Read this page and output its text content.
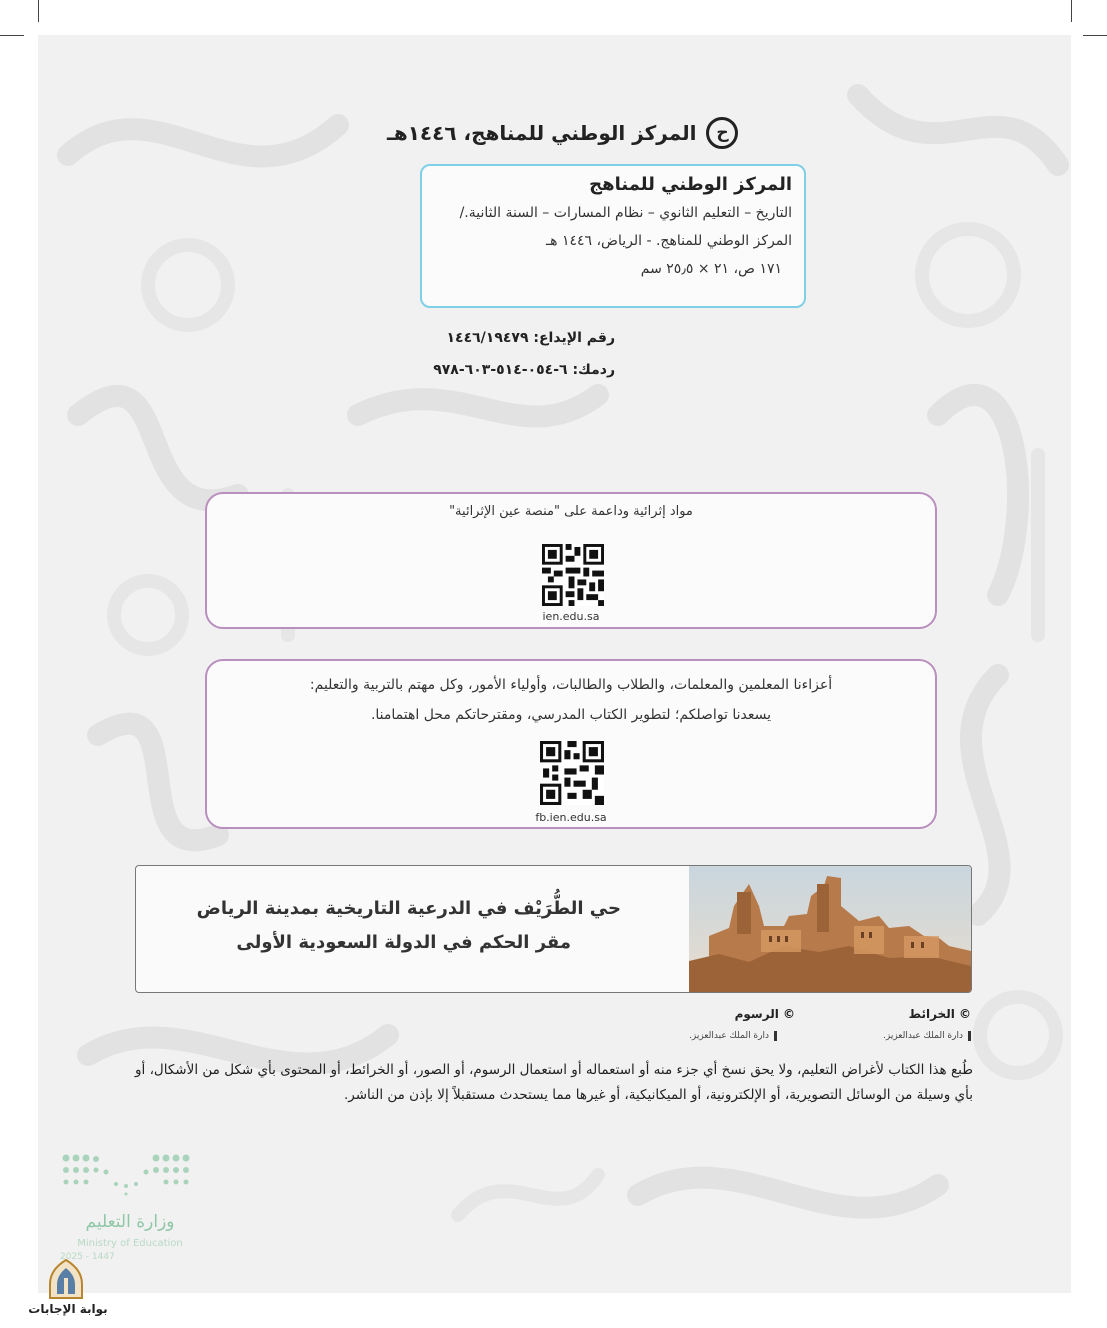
ح
المركز الوطني للمناهج، ١٤٤٦هـ
المركز الوطني للمناهج
التاريخ – التعليم الثانوي – نظام المسارات – السنة الثانية./
المركز الوطني للمناهج. - الرياض، ١٤٤٦ هـ
١٧١ ص، ٢١ × ٢٥٫٥ سم
رقم الإيداع: ١٤٤٦/١٩٤٧٩
ردمك: ٦-٠٥٤-٥١٤-٦٠٣-٩٧٨
مواد إثرائية وداعمة على "منصة عين الإثرائية"
ien.edu.sa
أعزاءنا المعلمين والمعلمات، والطلاب والطالبات، وأولياء الأمور، وكل مهتم بالتربية والتعليم:
يسعدنا تواصلكم؛ لتطوير الكتاب المدرسي، ومقترحاتكم محل اهتمامنا.
fb.ien.edu.sa
حي الطُّرَيْف في الدرعية التاريخية بمدينة الرياض
مقر الحكم في الدولة السعودية الأولى
© الخرائط
دارة الملك عبدالعزيز.
© الرسوم
دارة الملك عبدالعزيز.
طُبع هذا الكتاب لأغراض التعليم، ولا يحق نسخ أي جزء منه أو استعماله أو استعمال الرسوم، أو الصور، أو الخرائط، أو المحتوى بأي شكل من الأشكال، أو بأي وسيلة من الوسائل التصويرية، أو الإلكترونية، أو الميكانيكية، أو غيرها مما يستحدث مستقبلاً إلا بإذن من الناشر.
وزارة التعليم
Ministry of Education
2025 - 1447
بوابة الإجابات
